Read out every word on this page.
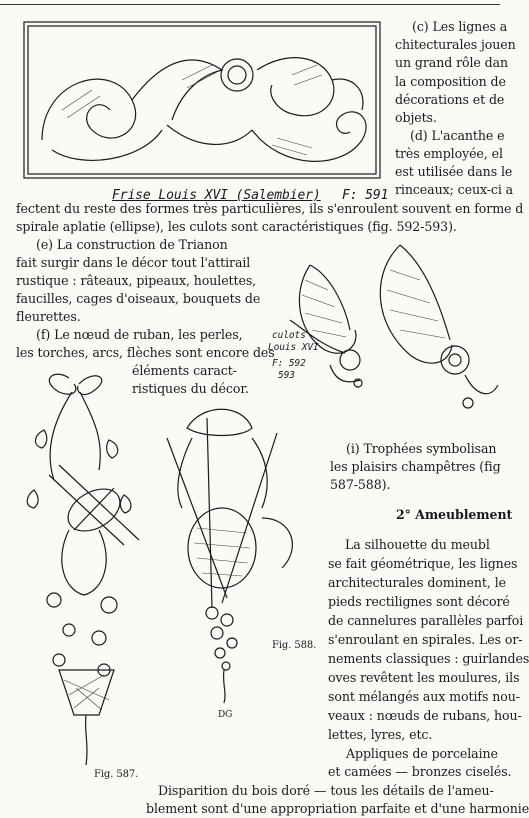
Frise Louis XVI (Salembier) F: 591
(c) Les lignes a
chitecturales jouen
un grand rôle dan
la composition de
décorations et de
objets.
(d) L'acanthe e
très employée, el
est utilisée dans le
rinceaux; ceux-ci a
fectent du reste des formes très particulières, ils s'enroulent souvent en forme d
spirale aplatie (ellipse), les culots sont caractéristiques (fig. 592-593).
(e) La construction de Trianon
fait surgir dans le décor tout l'attirail
rustique : râteaux, pipeaux, houlettes,
faucilles, cages d'oiseaux, bouquets de
fleurettes.
(f) Le nœud de ruban, les perles,
les torches, arcs, flèches sont encore des
éléments caract-
ristiques du décor.
culots
Louis XVI
F: 592
593
Fig. 587.
Fig. 588.
DG
(i) Trophées symbolisan
les plaisirs champêtres (fig
587-588).
2° Ameublement
La silhouette du meubl
se fait géométrique, les lignes
architecturales dominent, le
pieds rectilignes sont décoré
de cannelures parallèles parfoi
s'enroulant en spirales. Les or-
nements classiques : guirlandes
oves revêtent les moulures, ils
sont mélangés aux motifs nou-
veaux : nœuds de rubans, hou-
lettes, lyres, etc.
Appliques de porcelaine
et camées — bronzes ciselés.
Disparition du bois doré — tous les détails de l'ameu-
blement sont d'une appropriation parfaite et d'une harmonie
